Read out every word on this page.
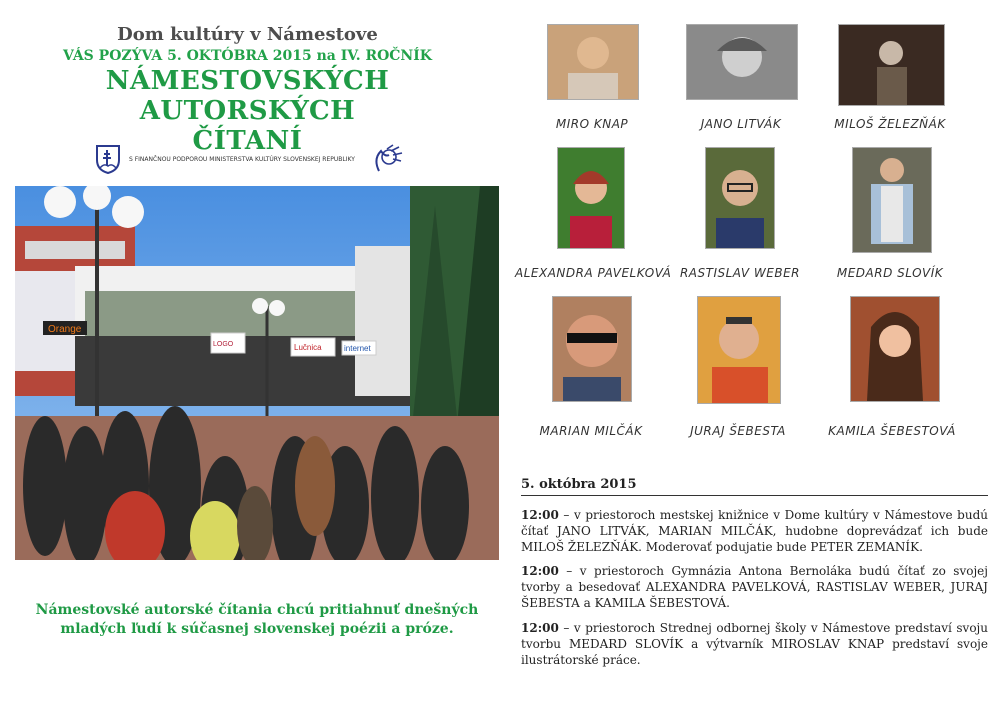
Dom kultúry v Námestove
VÁS POZÝVA 5. OKTÓBRA 2015 na IV. ROČNÍK
NÁMESTOVSKÝCH AUTORSKÝCH
ČÍTANÍ
S FINANČNOU PODPOROU MINISTERSTVA KULTÚRY SLOVENSKEJ REPUBLIKY
Orange
LOGO	Lučnica	internet
Námestovské autorské čítania chcú pritiahnuť dnešných
mladých ľudí k súčasnej slovenskej poézii a próze.
MIRO KNAP	JANO LITVÁK	MILOŠ ŽELEZŇÁK
ALEXANDRA PAVELKOVÁ RASTISLAV WEBER	MEDARD SLOVÍK
MARIAN MILČÁK	JURAJ ŠEBESTA	KAMILA ŠEBESTOVÁ
5. októbra 2015
12:00 – v priestoroch mestskej knižnice v Dome kultúry v Námestove budú čítať JANO LITVÁK, MARIAN MILČÁK, hudobne doprevádzať ich bude MILOŠ ŽELEZŇÁK. Moderovať podujatie bude PETER ZEMANÍK.
12:00 – v priestoroch Gymnázia Antona Bernoláka budú čítať zo svojej tvorby a besedovať ALEXANDRA PAVELKOVÁ, RASTISLAV WEBER, JURAJ ŠEBESTA a KAMILA ŠEBESTOVÁ.
12:00 – v priestoroch Strednej odbornej školy v Námestove predstaví svoju tvorbu MEDARD SLOVÍK a výtvarník MIROSLAV KNAP predstaví svoje ilustrátorské práce.
